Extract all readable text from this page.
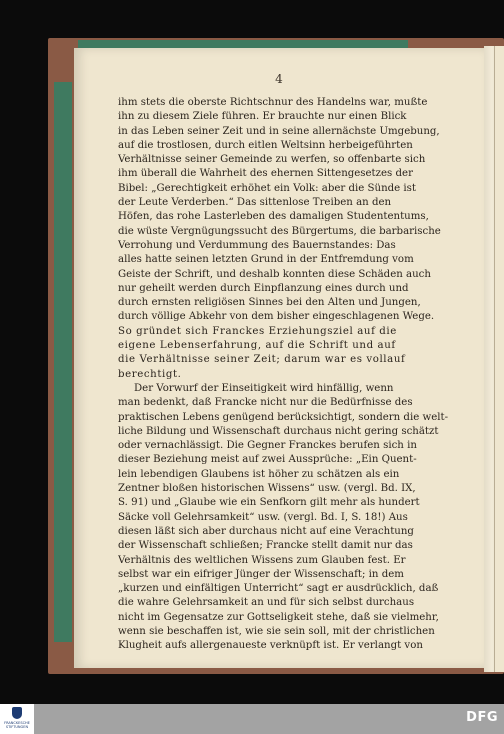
4
ihm stets die oberste Richtschnur des Handelns war, mußte
ihn zu diesem Ziele führen. Er brauchte nur einen Blick
in das Leben seiner Zeit und in seine allernächste Umgebung,
auf die trostlosen, durch eitlen Weltsinn herbeigeführten
Verhältnisse seiner Gemeinde zu werfen, so offenbarte sich
ihm überall die Wahrheit des ehernen Sittengesetzes der
Bibel: „Gerechtigkeit erhöhet ein Volk: aber die Sünde ist
der Leute Verderben.“ Das sittenlose Treiben an den
Höfen, das rohe Lasterleben des damaligen Studententums,
die wüste Vergnügungssucht des Bürgertums, die barbarische
Verrohung und Verdummung des Bauernstandes: Das
alles hatte seinen letzten Grund in der Entfremdung vom
Geiste der Schrift, und deshalb konnten diese Schäden auch
nur geheilt werden durch Einpflanzung eines durch und
durch ernsten religiösen Sinnes bei den Alten und Jungen,
durch völlige Abkehr von dem bisher eingeschlagenen Wege.
So gründet sich Franckes Erziehungsziel auf die
eigene Lebenserfahrung, auf die Schrift und auf
die Verhältnisse seiner Zeit; darum war es vollauf
berechtigt.
Der Vorwurf der Einseitigkeit wird hinfällig, wenn
man bedenkt, daß Francke nicht nur die Bedürfnisse des
praktischen Lebens genügend berücksichtigt, sondern die welt-
liche Bildung und Wissenschaft durchaus nicht gering schätzt
oder vernachlässigt. Die Gegner Franckes berufen sich in
dieser Beziehung meist auf zwei Aussprüche: „Ein Quent-
lein lebendigen Glaubens ist höher zu schätzen als ein
Zentner bloßen historischen Wissens“ usw. (vergl. Bd. IX,
S. 91) und „Glaube wie ein Senfkorn gilt mehr als hundert
Säcke voll Gelehrsamkeit“ usw. (vergl. Bd. I, S. 18!) Aus
diesen läßt sich aber durchaus nicht auf eine Verachtung
der Wissenschaft schließen; Francke stellt damit nur das
Verhältnis des weltlichen Wissens zum Glauben fest. Er
selbst war ein eifriger Jünger der Wissenschaft; in dem
„kurzen und einfältigen Unterricht“ sagt er ausdrücklich, daß
die wahre Gelehrsamkeit an und für sich selbst durchaus
nicht im Gegensatze zur Gottseligkeit stehe, daß sie vielmehr,
wenn sie beschaffen ist, wie sie sein soll, mit der christlichen
Klugheit aufs allergenaueste verknüpft ist. Er verlangt von
FRANCKESCHE
STIFTUNGEN
DFG
